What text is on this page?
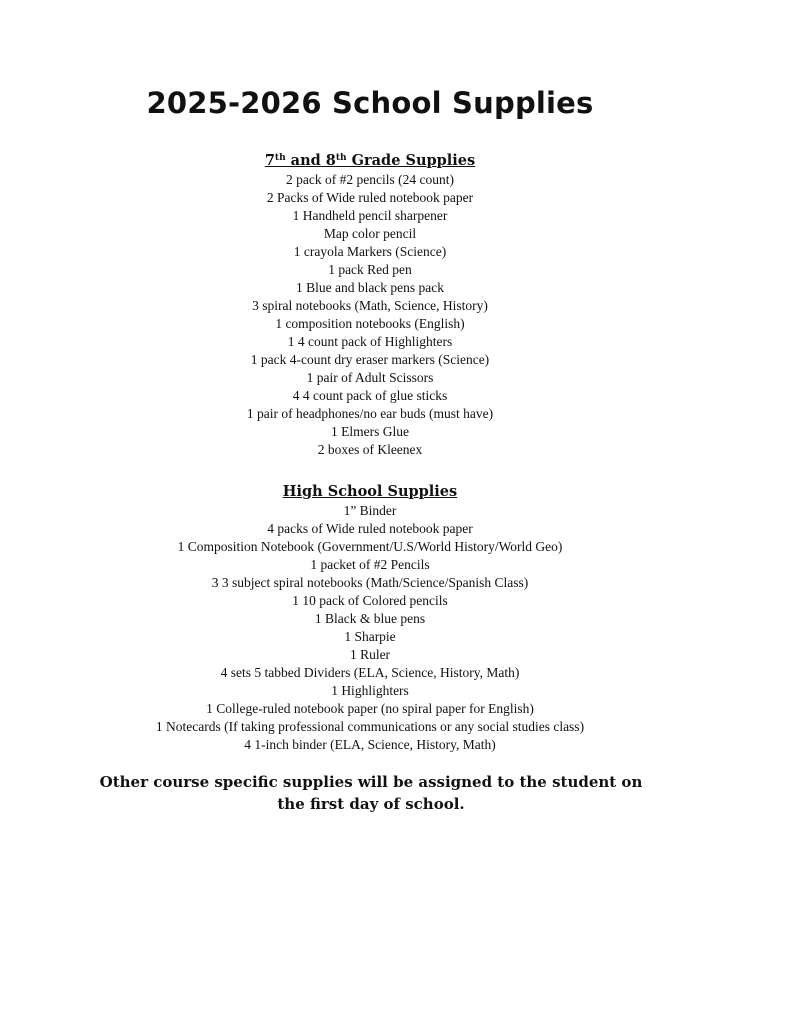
2025-2026 School Supplies
7th and 8th Grade Supplies
2 pack of #2 pencils (24 count)
2 Packs of Wide ruled notebook paper
1 Handheld pencil sharpener
Map color pencil
1 crayola Markers (Science)
1 pack Red pen
1 Blue and black pens pack
3 spiral notebooks (Math, Science, History)
1 composition notebooks (English)
1 4 count pack of Highlighters
1 pack 4-count dry eraser markers (Science)
1 pair of Adult Scissors
4 4 count pack of glue sticks
1 pair of headphones/no ear buds (must have)
1 Elmers Glue
2 boxes of Kleenex
High School Supplies
1” Binder
4 packs of Wide ruled notebook paper
1 Composition Notebook (Government/U.S/World History/World Geo)
1 packet of #2 Pencils
3 3 subject spiral notebooks (Math/Science/Spanish Class)
1 10 pack of Colored pencils
1 Black & blue pens
1 Sharpie
1 Ruler
4 sets 5 tabbed Dividers (ELA, Science, History, Math)
1 Highlighters
1 College-ruled notebook paper (no spiral paper for English)
1 Notecards (If taking professional communications or any social studies class)
4 1-inch binder (ELA, Science, History, Math)
Other course specific supplies will be assigned to the student on the first day of school.
